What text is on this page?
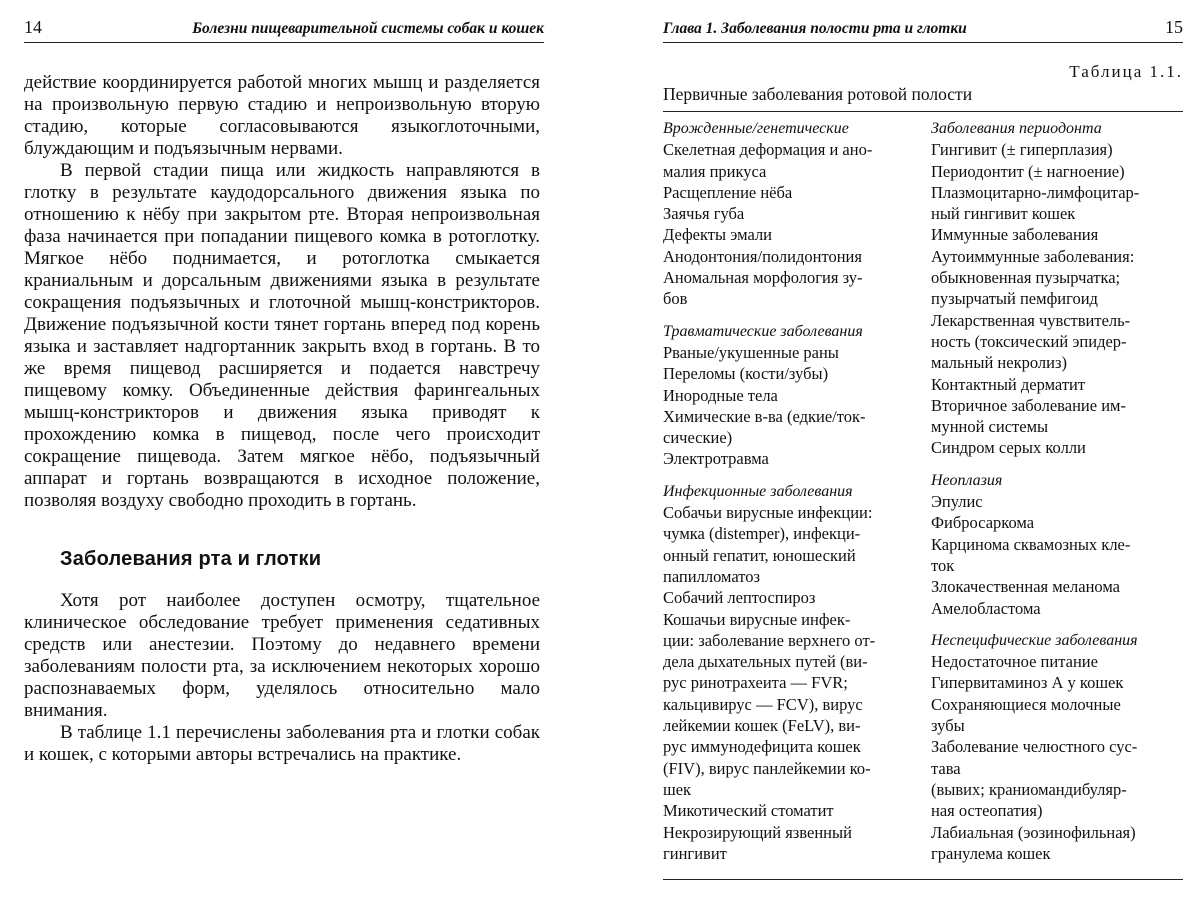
14	Болезни пищеварительной системы собак и кошек

действие координируется работой многих мышц и разделяется на произвольную первую стадию и непроизвольную вторую стадию, которые согласовываются языкоглоточными, блуждающим и подъязычным нервами.

В первой стадии пища или жидкость направляются в глотку в результате каудодорсального движения языка по отношению к нёбу при закрытом рте. Вторая непроизвольная фаза начинается при попадании пищевого комка в ротоглотку. Мягкое нёбо поднимается, и ротоглотка смыкается краниальным и дорсальным движениями языка в результате сокращения подъязычных и глоточной мышц-констрикторов. Движение подъязычной кости тянет гортань вперед под корень языка и заставляет надгортанник закрыть вход в гортань. В то же время пищевод расширяется и подается навстречу пищевому комку. Объединенные действия фарингеальных мышц-констрикторов и движения языка приводят к прохождению комка в пищевод, после чего происходит сокращение пищевода. Затем мягкое нёбо, подъязычный аппарат и гортань возвращаются в исходное положение, позволяя воздуху свободно проходить в гортань.

Заболевания рта и глотки

Хотя рот наиболее доступен осмотру, тщательное клиническое обследование требует применения седативных средств или анестезии. Поэтому до недавнего времени заболеваниям полости рта, за исключением некоторых хорошо распознаваемых форм, уделялось относительно мало внимания.

В таблице 1.1 перечислены заболевания рта и глотки собак и кошек, с которыми авторы встречались на практике.

Глава 1. Заболевания полости рта и глотки	15
Таблица 1.1.
Первичные заболевания ротовой полости
Врожденные/генетические
Скелетная деформация и ано-
малия прикуса
Расщепление нёба
Заячья губа
Дефекты эмали
Анодонтония/полидонтония
Аномальная морфология зу-
бов
Травматические заболевания
Рваные/укушенные раны
Переломы (кости/зубы)
Инородные тела
Химические в-ва (едкие/ток-
сические)
Электротравма
Инфекционные заболевания
Собачьи вирусные инфекции:
чумка (distemper), инфекци-
онный гепатит, юношеский
папилломатоз
Собачий лептоспироз
Кошачьи вирусные инфек-
ции: заболевание верхнего от-
дела дыхательных путей (ви-
рус ринотрахеита — FVR;
кальцивирус — FCV), вирус
лейкемии кошек (FeLV), ви-
рус иммунодефицита кошек
(FIV), вирус панлейкемии ко-
шек
Микотический стоматит
Некрозирующий язвенный
гингивит
Заболевания периодонта
Гингивит (± гиперплазия)
Периодонтит (± нагноение)
Плазмоцитарно-лимфоцитар-
ный гингивит кошек
Иммунные заболевания
Аутоиммунные заболевания:
обыкновенная пузырчатка;
пузырчатый пемфигоид
Лекарственная чувствитель-
ность (токсический эпидер-
мальный некролиз)
Контактный дерматит
Вторичное заболевание им-
мунной системы
Синдром серых колли
Неоплазия
Эпулис
Фибросаркома
Карцинома сквамозных кле-
ток
Злокачественная меланома
Амелобластома
Неспецифические заболевания
Недостаточное питание
Гипервитаминоз А у кошек
Сохраняющиеся молочные
зубы
Заболевание челюстного сус-
тава
(вывих; краниомандибуляр-
ная остеопатия)
Лабиальная (эозинофильная)
гранулема кошек
